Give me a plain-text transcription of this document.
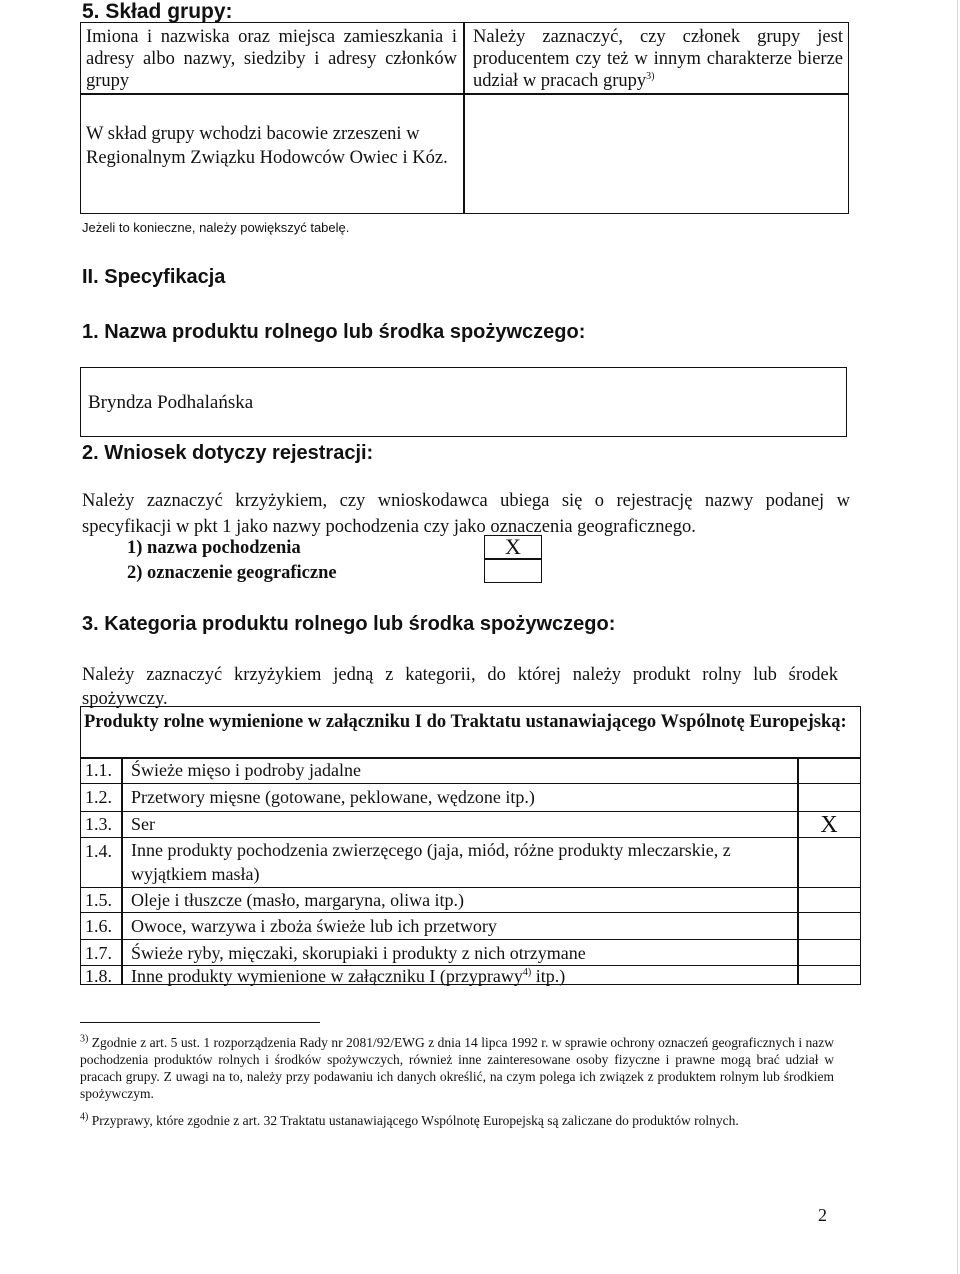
5. Skład grupy:
Imiona i nazwiska oraz miejsca zamieszkania i adresy albo nazwy, siedziby i adresy członków grupy
Należy zaznaczyć, czy członek grupy jest producentem czy też w innym charakterze bierze udział w pracach grupy$^{3)}$
W skład grupy wchodzi bacowie zrzeszeni w Regionalnym Związku Hodowców Owiec i Kóz.
Jeżeli to konieczne, należy powiększyć tabelę.
II. Specyfikacja
1. Nazwa produktu rolnego lub środka spożywczego:
Bryndza Podhalańska
2. Wniosek dotyczy rejestracji:
Należy zaznaczyć krzyżykiem, czy wnioskodawca ubiega się o rejestrację nazwy podanej w specyfikacji w pkt 1 jako nazwy pochodzenia czy jako oznaczenia geograficznego.
1) nazwa pochodzenia	X
2) oznaczenie geograficzne
3. Kategoria produktu rolnego lub środka spożywczego:
Należy zaznaczyć krzyżykiem jedną z kategorii, do której należy produkt rolny lub środek spożywczy.
Produkty rolne wymienione w załączniku I do Traktatu ustanawiającego Wspólnotę Europejską:
1.1. Świeże mięso i podroby jadalne
1.2. Przetwory mięsne (gotowane, peklowane, wędzone itp.)
1.3. Ser	X
1.4. Inne produkty pochodzenia zwierzęcego (jaja, miód, różne produkty mleczarskie, z wyjątkiem masła)
1.5. Oleje i tłuszcze (masło, margaryna, oliwa itp.)
1.6. Owoce, warzywa i zboża świeże lub ich przetwory
1.7. Świeże ryby, mięczaki, skorupiaki i produkty z nich otrzymane
1.8. Inne produkty wymienione w załączniku I (przyprawy$^{4)}$ itp.)
$^{3)}$ Zgodnie z art. 5 ust. 1 rozporządzenia Rady nr 2081/92/EWG z dnia 14 lipca 1992 r. w sprawie ochrony oznaczeń geograficznych i nazw pochodzenia produktów rolnych i środków spożywczych, również inne zainteresowane osoby fizyczne i prawne mogą brać udział w pracach grupy. Z uwagi na to, należy przy podawaniu ich danych określić, na czym polega ich związek z produktem rolnym lub środkiem spożywczym.
$^{4)}$ Przyprawy, które zgodnie z art. 32 Traktatu ustanawiającego Wspólnotę Europejską są zaliczane do produktów rolnych.
2
